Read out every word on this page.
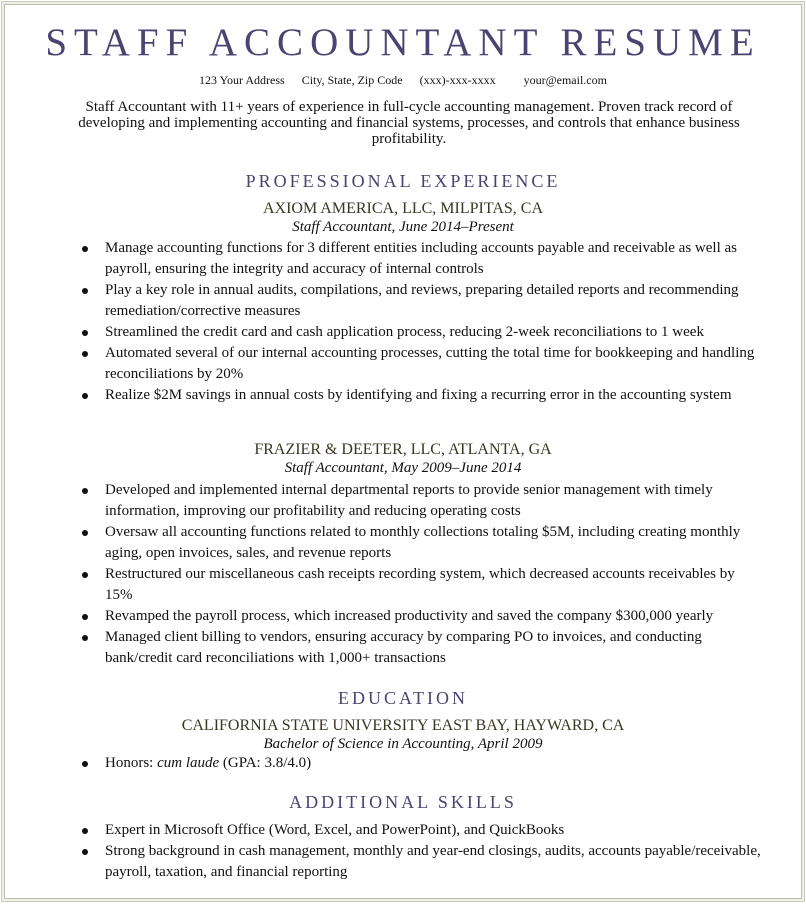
STAFF ACCOUNTANT RESUME
123 Your Address City, State, Zip Code (xxx)-xxx-xxxx your@email.com
Staff Accountant with 11+ years of experience in full-cycle accounting management. Proven track record of developing and implementing accounting and financial systems, processes, and controls that enhance business profitability.
PROFESSIONAL EXPERIENCE
AXIOM AMERICA, LLC, MILPITAS, CA
Staff Accountant, June 2014–Present
Manage accounting functions for 3 different entities including accounts payable and receivable as well as payroll, ensuring the integrity and accuracy of internal controls
Play a key role in annual audits, compilations, and reviews, preparing detailed reports and recommending remediation/corrective measures
Streamlined the credit card and cash application process, reducing 2-week reconciliations to 1 week
Automated several of our internal accounting processes, cutting the total time for bookkeeping and handling reconciliations by 20%
Realize $2M savings in annual costs by identifying and fixing a recurring error in the accounting system
FRAZIER & DEETER, LLC, ATLANTA, GA
Staff Accountant, May 2009–June 2014
Developed and implemented internal departmental reports to provide senior management with timely information, improving our profitability and reducing operating costs
Oversaw all accounting functions related to monthly collections totaling $5M, including creating monthly aging, open invoices, sales, and revenue reports
Restructured our miscellaneous cash receipts recording system, which decreased accounts receivables by 15%
Revamped the payroll process, which increased productivity and saved the company $300,000 yearly
Managed client billing to vendors, ensuring accuracy by comparing PO to invoices, and conducting bank/credit card reconciliations with 1,000+ transactions
EDUCATION
CALIFORNIA STATE UNIVERSITY EAST BAY, HAYWARD, CA
Bachelor of Science in Accounting, April 2009
Honors: cum laude (GPA: 3.8/4.0)
ADDITIONAL SKILLS
Expert in Microsoft Office (Word, Excel, and PowerPoint), and QuickBooks
Strong background in cash management, monthly and year-end closings, audits, accounts payable/receivable, payroll, taxation, and financial reporting
